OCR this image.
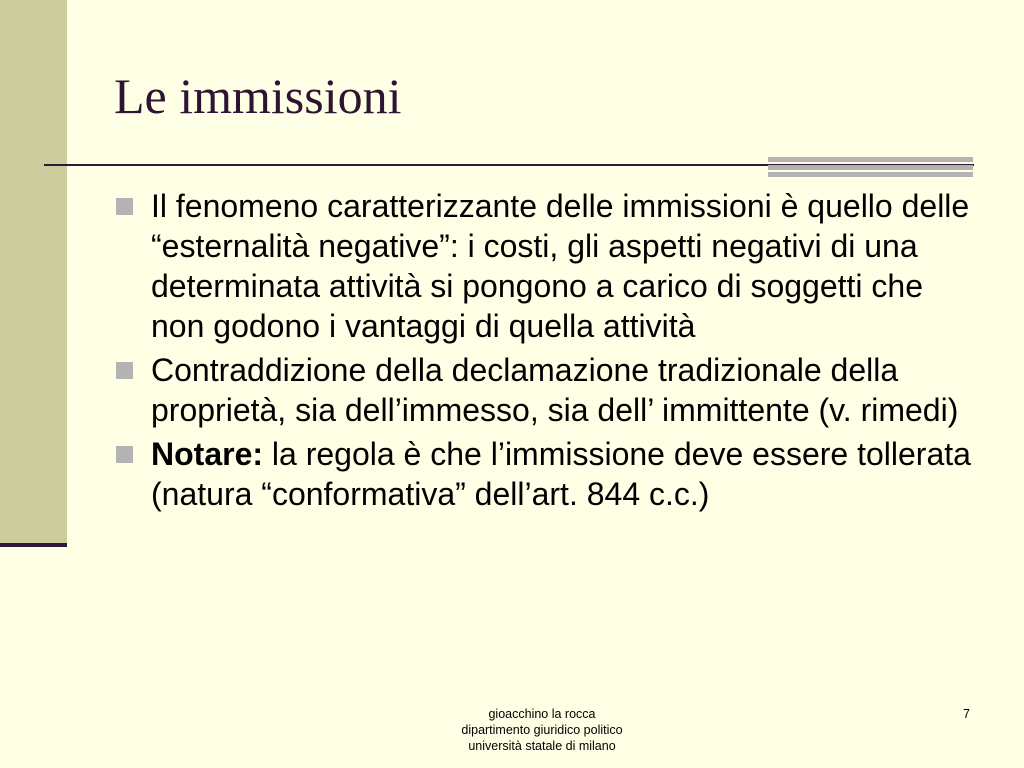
Le immissioni
Il fenomeno caratterizzante delle immissioni è quello delle “esternalità negative”: i costi, gli aspetti negativi di una determinata attività si pongono a carico di soggetti che non godono i vantaggi di quella attività
Contraddizione della declamazione tradizionale della proprietà, sia dell’immesso, sia dell’ immittente (v. rimedi)
Notare: la regola è che l’immissione deve essere tollerata (natura “conformativa” dell’art. 844 c.c.)
gioacchino la rocca
dipartimento giuridico politico
università statale di milano
7
